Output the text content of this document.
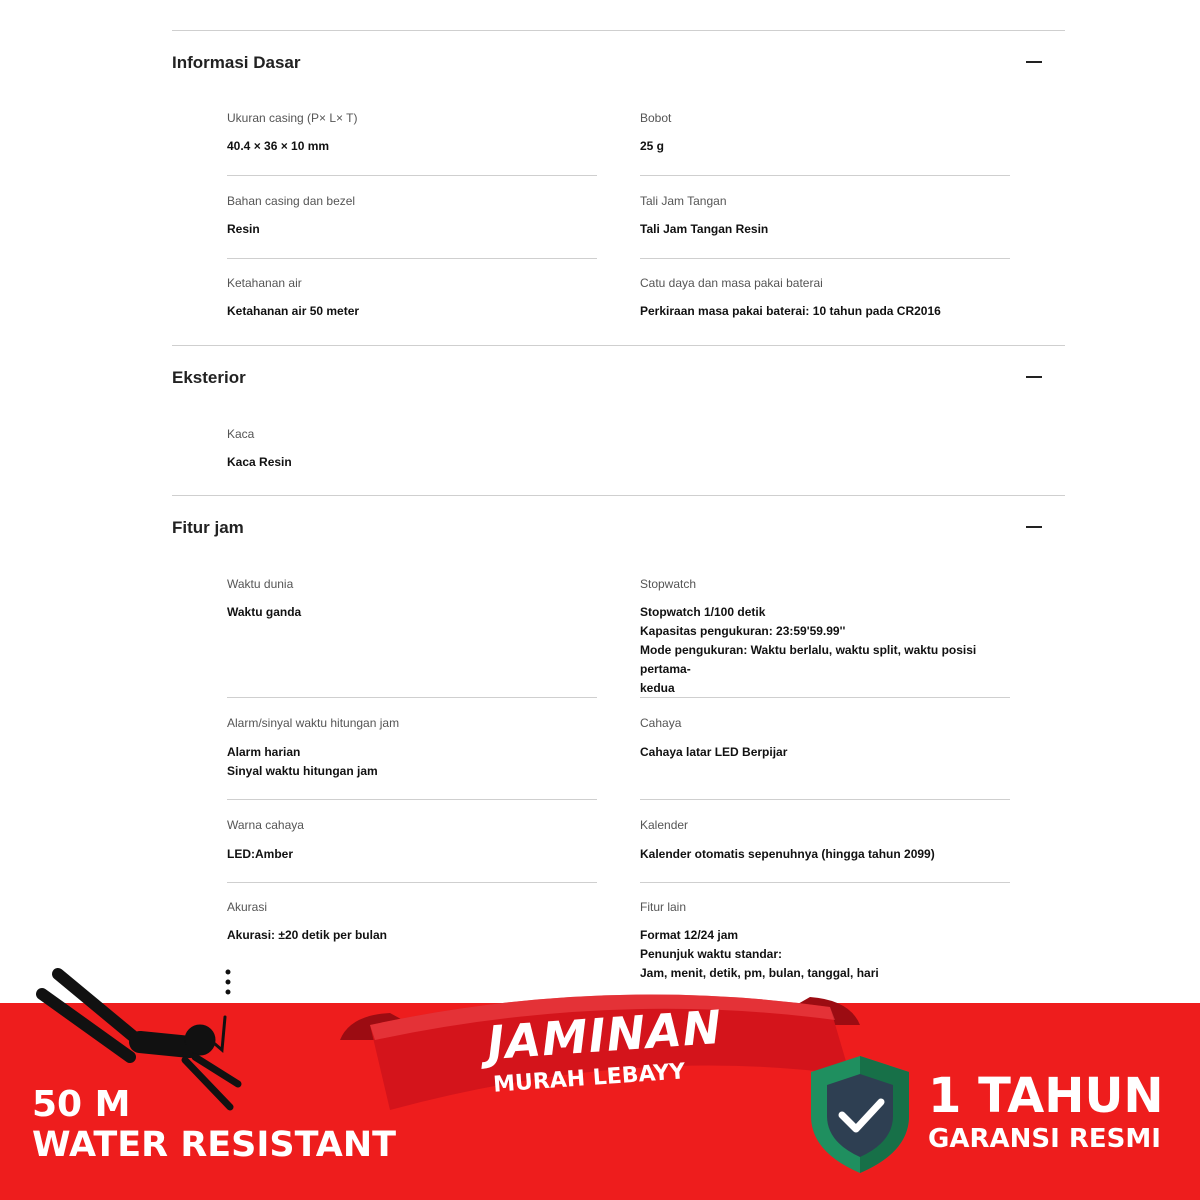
Informasi Dasar
Ukuran casing (P× L× T)
40.4 × 36 × 10 mm
Bobot
25 g
Bahan casing dan bezel
Resin
Tali Jam Tangan
Tali Jam Tangan Resin
Ketahanan air
Ketahanan air 50 meter
Catu daya dan masa pakai baterai
Perkiraan masa pakai baterai: 10 tahun pada CR2016
Eksterior
Kaca
Kaca Resin
Fitur jam
Waktu dunia
Waktu ganda
Stopwatch
Stopwatch 1/100 detik
Kapasitas pengukuran: 23:59'59.99''
Mode pengukuran: Waktu berlalu, waktu split, waktu posisi pertama-
kedua
Alarm/sinyal waktu hitungan jam
Alarm harian
Sinyal waktu hitungan jam
Cahaya
Cahaya latar LED Berpijar
Warna cahaya
LED:Amber
Kalender
Kalender otomatis sepenuhnya (hingga tahun 2099)
Akurasi
Akurasi: ±20 detik per bulan
Fitur lain
Format 12/24 jam
Penunjuk waktu standar:
Jam, menit, detik, pm, bulan, tanggal, hari
JAMINAN
MURAH LEBAYY
50 M
WATER RESISTANT
1 TAHUN
GARANSI RESMI
